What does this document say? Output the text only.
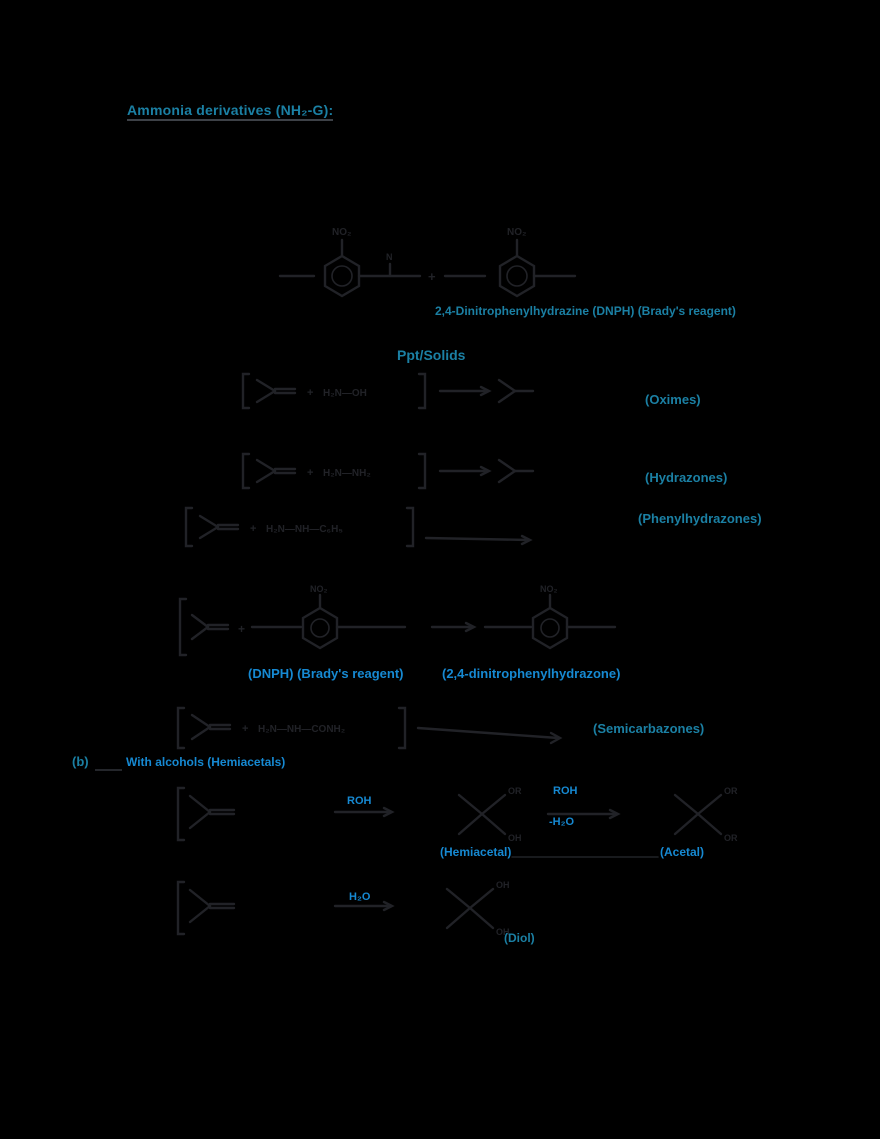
Ammonia derivatives (NH₂-G):
NO₂
N
+
NO₂
2,4-Dinitrophenylhydrazine (DNPH) (Brady's reagent)
Ppt/Solids
+ H₂N—OH	(Oximes)
+ H₂N—NH₂	(Hydrazones)
+ H₂N—NH—C₆H₅
(Phenylhydrazones)
+
NO₂	NO₂
(DNPH) (Brady's reagent)	(2,4-dinitrophenylhydrazone)
+ H₂N—NH—CONH₂	(Semicarbazones)
(b)	With alcohols (Hemiacetals)
OR
OH
OR
OR
ROH
ROH
-H₂O
(Hemiacetal)	(Acetal)
OH
OH
H₂O
(Diol)
